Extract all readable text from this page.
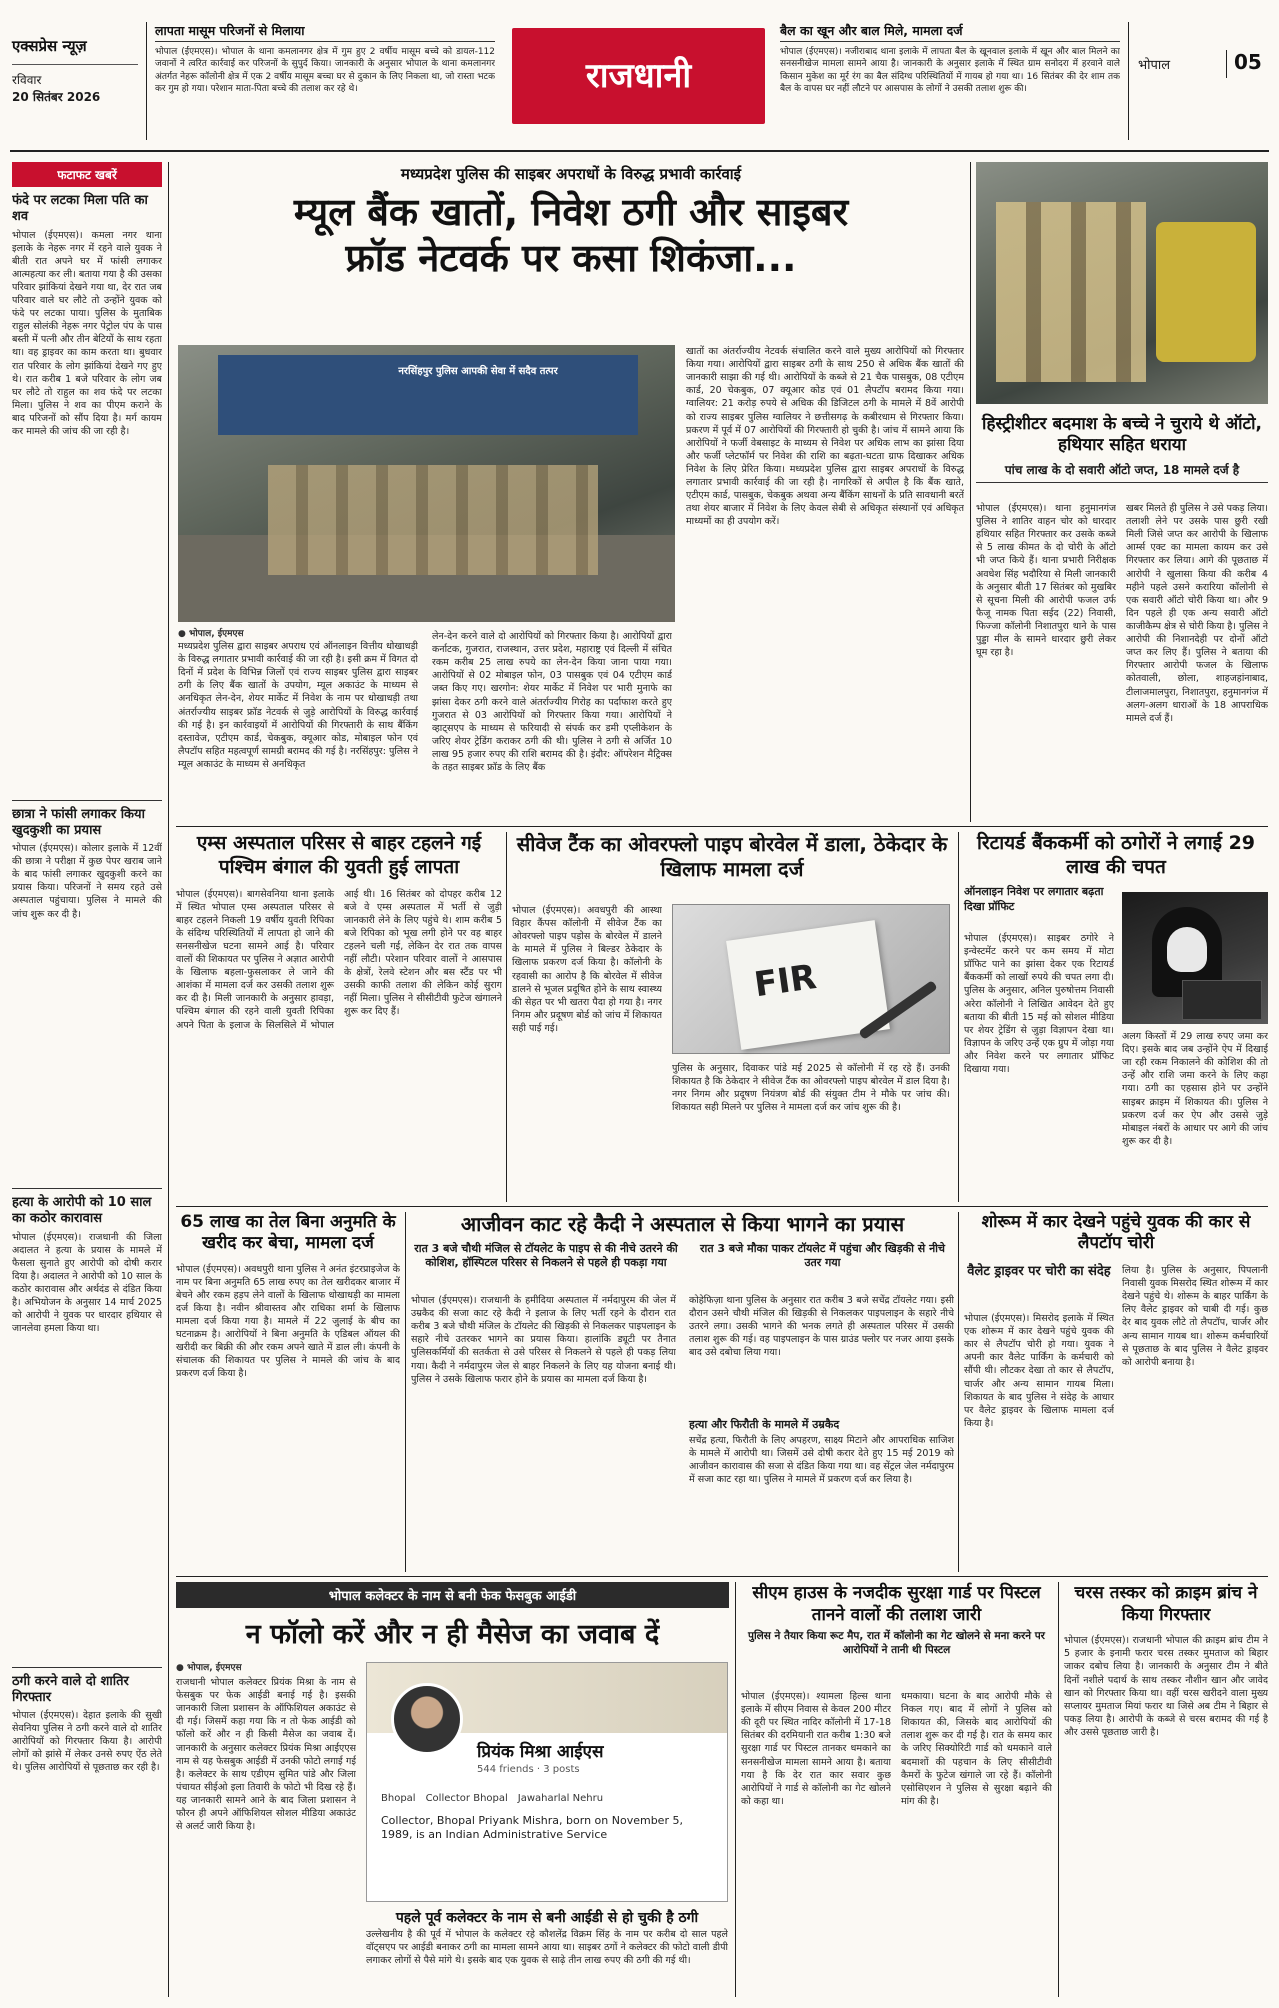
एक्सप्रेस न्यूज़
रविवार
20 सितंबर 2026
लापता मासूम परिजनों से मिलाया
भोपाल (ईएमएस)। भोपाल के थाना कमलानगर क्षेत्र में गुम हुए 2 वर्षीय मासूम बच्चे को डायल-112 जवानों ने त्वरित कार्रवाई कर परिजनों के सुपुर्द किया। जानकारी के अनुसार भोपाल के थाना कमलानगर अंतर्गत नेहरू कॉलोनी क्षेत्र में एक 2 वर्षीय मासूम बच्चा घर से दुकान के लिए निकला था, जो रास्ता भटक कर गुम हो गया। परेशान माता-पिता बच्चे की तलाश कर रहे थे।	राजधानी
बैल का खून और बाल मिले, मामला दर्ज
भोपाल (ईएमएस)। नजीराबाद थाना इलाके में लापता बैल के खूनवाल इलाके में खून और बाल मिलने का सनसनीखेज मामला सामने आया है। जानकारी के अनुसार इलाके में स्थित ग्राम सनोदरा में हरवाने वाले किसान मुकेश का मूर्र रंग का बैल संदिग्ध परिस्थितियों में गायब हो गया था। 16 सितंबर की देर शाम तक बैल के वापस घर नहीं लौटने पर आसपास के लोगों ने उसकी तलाश शुरू की।
भोपाल	05
फटाफट खबरें
फंदे पर लटका मिला पति का शव
भोपाल (ईएमएस)। कमला नगर थाना इलाके के नेहरू नगर में रहने वाले युवक ने बीती रात अपने घर में फांसी लगाकर आत्महत्या कर ली। बताया गया है की उसका परिवार झांकियां देखने गया था, देर रात जब परिवार वाले घर लौटे तो उन्होंने युवक को फंदे पर लटका पाया। पुलिस के मुताबिक राहुल सोलंकी नेहरू नगर पेट्रोल पंप के पास बस्ती में पत्नी और तीन बेटियों के साथ रहता था। वह ड्राइवर का काम करता था। बुधवार रात परिवार के लोग झांकियां देखने गए हुए थे। रात करीब 1 बजे परिवार के लोग जब घर लौटे तो राहुल का शव फंदे पर लटका मिला। पुलिस ने शव का पीएम कराने के बाद परिजनों को सौंप दिया है। मर्ग कायम कर मामले की जांच की जा रही है।
छात्रा ने फांसी लगाकर किया खुदकुशी का प्रयास
भोपाल (ईएमएस)। कोलार इलाके में 12वीं की छात्रा ने परीक्षा में कुछ पेपर खराब जाने के बाद फांसी लगाकर खुदकुशी करने का प्रयास किया। परिजनों ने समय रहते उसे अस्पताल पहुंचाया। पुलिस ने मामले की जांच शुरू कर दी है।
हत्या के आरोपी को 10 साल का कठोर कारावास
भोपाल (ईएमएस)। राजधानी की जिला अदालत ने हत्या के प्रयास के मामले में फैसला सुनाते हुए आरोपी को दोषी करार दिया है। अदालत ने आरोपी को 10 साल के कठोर कारावास और अर्थदंड से दंडित किया है। अभियोजन के अनुसार 14 मार्च 2025 को आरोपी ने युवक पर धारदार हथियार से जानलेवा हमला किया था।
ठगी करने वाले दो शातिर गिरफ्तार
भोपाल (ईएमएस)। देहात इलाके की सुखी सेवनिया पुलिस ने ठगी करने वाले दो शातिर आरोपियों को गिरफ्तार किया है। आरोपी लोगों को झांसे में लेकर उनसे रुपए ऐंठ लेते थे। पुलिस आरोपियों से पूछताछ कर रही है।
मध्यप्रदेश पुलिस की साइबर अपराधों के विरुद्ध प्रभावी कार्रवाई
म्यूल बैंक खातों, निवेश ठगी और साइबर
फ्रॉड नेटवर्क पर कसा शिकंजा...
नरसिंहपुर पुलिस आपकी सेवा में सदैव तत्पर
● भोपाल, ईएमएस
मध्यप्रदेश पुलिस द्वारा साइबर अपराध एवं ऑनलाइन वित्तीय धोखाधड़ी के विरुद्ध लगातार प्रभावी कार्रवाई की जा रही है। इसी क्रम में विगत दो दिनों में प्रदेश के विभिन्न जिलों एवं राज्य साइबर पुलिस द्वारा साइबर ठगी के लिए बैंक खातों के उपयोग, म्यूल अकाउंट के माध्यम से अनधिकृत लेन-देन, शेयर मार्केट में निवेश के नाम पर धोखाधड़ी तथा अंतर्राज्यीय साइबर फ्रॉड नेटवर्क से जुड़े आरोपियों के विरुद्ध कार्रवाई की गई है। इन कार्रवाइयों में आरोपियों की गिरफ्तारी के साथ बैंकिंग दस्तावेज, एटीएम कार्ड, चेकबुक, क्यूआर कोड, मोबाइल फोन एवं लैपटॉप सहित महत्वपूर्ण सामग्री बरामद की गई है। नरसिंहपुर: पुलिस ने म्यूल अकाउंट के माध्यम से अनधिकृत
लेन-देन करने वाले दो आरोपियों को गिरफ्तार किया है। आरोपियों द्वारा कर्नाटक, गुजरात, राजस्थान, उत्तर प्रदेश, महाराष्ट्र एवं दिल्ली में संचित रकम करीब 25 लाख रुपये का लेन-देन किया जाना पाया गया। आरोपियों से 02 मोबाइल फोन, 03 पासबुक एवं 04 एटीएम कार्ड जब्त किए गए। खरगोन: शेयर मार्केट में निवेश पर भारी मुनाफे का झांसा देकर ठगी करने वाले अंतर्राज्यीय गिरोह का पर्दाफाश करते हुए गुजरात से 03 आरोपियों को गिरफ्तार किया गया। आरोपियों ने व्हाट्सएप के माध्यम से फरियादी से संपर्क कर डमी एप्लीकेशन के जरिए शेयर ट्रेडिंग कराकर ठगी की थी। पुलिस ने ठगी से अर्जित 10 लाख 95 हजार रुपए की राशि बरामद की है। इंदौर: ऑपरेशन मैट्रिक्स के तहत साइबर फ्रॉड के लिए बैंक
खातों का अंतर्राज्यीय नेटवर्क संचालित करने वाले मुख्य आरोपियों को गिरफ्तार किया गया। आरोपियों द्वारा साइबर ठगी के साथ 250 से अधिक बैंक खातों की जानकारी साझा की गई थी। आरोपियों के कब्जे से 21 चैक पासबुक, 08 एटीएम कार्ड, 20 चेकबुक, 07 क्यूआर कोड एवं 01 लैपटॉप बरामद किया गया। ग्वालियर: 21 करोड़ रुपये से अधिक की डिजिटल ठगी के मामले में 8वें आरोपी को राज्य साइबर पुलिस ग्वालियर ने छत्तीसगढ़ के कबीरधाम से गिरफ्तार किया। प्रकरण में पूर्व में 07 आरोपियों की गिरफ्तारी हो चुकी है। जांच में सामने आया कि आरोपियों ने फर्जी वेबसाइट के माध्यम से निवेश पर अधिक लाभ का झांसा दिया और फर्जी प्लेटफॉर्म पर निवेश की राशि का बढ़ता-घटता ग्राफ दिखाकर अधिक निवेश के लिए प्रेरित किया। मध्यप्रदेश पुलिस द्वारा साइबर अपराधों के विरुद्ध लगातार प्रभावी कार्रवाई की जा रही है। नागरिकों से अपील है कि बैंक खाते, एटीएम कार्ड, पासबुक, चेकबुक अथवा अन्य बैंकिंग साधनों के प्रति सावधानी बरतें तथा शेयर बाजार में निवेश के लिए केवल सेबी से अधिकृत संस्थानों एवं अधिकृत माध्यमों का ही उपयोग करें।
हिस्ट्रीशीटर बदमाश के बच्चे ने चुराये थे ऑटो, हथियार सहित धराया
पांच लाख के दो सवारी ऑटो जप्त, 18 मामले दर्ज है
भोपाल (ईएमएस)। थाना हनुमानगंज पुलिस ने शातिर वाहन चोर को धारदार हथियार सहित गिरफ्तार कर उसके कब्जे से 5 लाख कीमत के दो चोरी के ऑटो भी जप्त किये हैं। थाना प्रभारी निरीक्षक अवधेश सिंह भदौरिया से मिली जानकारी के अनुसार बीती 17 सितंबर को मुखबिर से सूचना मिली की आरोपी फजल उर्फ फैजू नामक पिता सईद (22) निवासी, फिज्जा कॉलोनी निशातपुरा थाने के पास पुड्डा मील के सामने धारदार छुरी लेकर घूम रहा है।
खबर मिलते ही पुलिस ने उसे पकड़ लिया। तलाशी लेने पर उसके पास छुरी रखी मिली जिसे जप्त कर आरोपी के खिलाफ आर्म्स एक्ट का मामला कायम कर उसे गिरफ्तार कर लिया। आगे की पूछताछ में आरोपी ने खुलासा किया की करीब 4 महीने पहले उसने करारिया कॉलोनी से एक सवारी ऑटो चोरी किया था। और 9 दिन पहले ही एक अन्य सवारी ऑटो काजीकैम्प क्षेत्र से चोरी किया है। पुलिस ने आरोपी की निशानदेही पर दोनों ऑटो जप्त कर लिए हैं। पुलिस ने बताया की गिरफ्तार आरोपी फजल के खिलाफ कोतवाली, छोला, शाहजहांनाबाद, टीलाजमालपुरा, निशातपुरा, हनुमानगंज में अलग-अलग धाराओं के 18 आपराधिक मामले दर्ज हैं।
एम्स अस्पताल परिसर से बाहर टहलने गई पश्चिम बंगाल की युवती हुई लापता
भोपाल (ईएमएस)। बागसेवनिया थाना इलाके में स्थित भोपाल एम्स अस्पताल परिसर से बाहर टहलने निकली 19 वर्षीय युवती रिपिका के संदिग्ध परिस्थितियों में लापता हो जाने की सनसनीखेज घटना सामने आई है। परिवार वालों की शिकायत पर पुलिस ने अज्ञात आरोपी के खिलाफ बहला-फुसलाकर ले जाने की आशंका में मामला दर्ज कर उसकी तलाश शुरू कर दी है। मिली जानकारी के अनुसार हावड़ा, पश्चिम बंगाल की रहने वाली युवती रिपिका अपने पिता के इलाज के सिलसिले में भोपाल आई थी। 16 सितंबर को दोपहर करीब 12 बजे वे एम्स अस्पताल में भर्ती से जुड़ी जानकारी लेने के लिए पहुंचे थे। शाम करीब 5 बजे रिपिका को भूख लगी होने पर वह बाहर टहलने चली गई, लेकिन देर रात तक वापस नहीं लौटी। परेशान परिवार वालों ने आसपास के क्षेत्रों, रेलवे स्टेशन और बस स्टैंड पर भी उसकी काफी तलाश की लेकिन कोई सुराग नहीं मिला। पुलिस ने सीसीटीवी फुटेज खंगालने शुरू कर दिए हैं।
सीवेज टैंक का ओवरफ्लो पाइप बोरवेल में डाला, ठेकेदार के खिलाफ मामला दर्ज
भोपाल (ईएमएस)। अवधपुरी की आस्था विहार कैंपस कॉलोनी में सीवेज टैंक का ओवरफ्लो पाइप पड़ोस के बोरवेल में डालने के मामले में पुलिस ने बिल्डर ठेकेदार के खिलाफ प्रकरण दर्ज किया है। कॉलोनी के रहवासी का आरोप है कि बोरवेल में सीवेज डालने से भूजल प्रदूषित होने के साथ स्वास्थ्य की सेहत पर भी खतरा पैदा हो गया है। नगर निगम और प्रदूषण बोर्ड को जांच में शिकायत सही पाई गई।
FIR
पुलिस के अनुसार, दिवाकर पांडे मई 2025 से कॉलोनी में रह रहे हैं। उनकी शिकायत है कि ठेकेदार ने सीवेज टैंक का ओवरफ्लो पाइप बोरवेल में डाल दिया है। नगर निगम और प्रदूषण नियंत्रण बोर्ड की संयुक्त टीम ने मौके पर जांच की। शिकायत सही मिलने पर पुलिस ने मामला दर्ज कर जांच शुरू की है।
रिटायर्ड बैंककर्मी को ठगोरों ने लगाई 29 लाख की चपत
ऑनलाइन निवेश पर लगातार बढ़ता दिखा प्रॉफिट
भोपाल (ईएमएस)। साइबर ठगोरे ने इन्वेस्टमेंट करने पर कम समय में मोटा प्रॉफिट पाने का झांसा देकर एक रिटायर्ड बैंककर्मी को लाखों रुपये की चपत लगा दी। पुलिस के अनुसार, अनिल पुरुषोत्तम निवासी अरेरा कॉलोनी ने लिखित आवेदन देते हुए बताया की बीती 15 मई को सोशल मीडिया पर शेयर ट्रेडिंग से जुड़ा विज्ञापन देखा था। विज्ञापन के जरिए उन्हें एक ग्रुप में जोड़ा गया और निवेश करने पर लगातार प्रॉफिट दिखाया गया।
अलग किस्तों में 29 लाख रुपए जमा कर दिए। इसके बाद जब उन्होंने ऐप में दिखाई जा रही रकम निकालने की कोशिश की तो उन्हें और राशि जमा करने के लिए कहा गया। ठगी का एहसास होने पर उन्होंने साइबर क्राइम में शिकायत की। पुलिस ने प्रकरण दर्ज कर ऐप और उससे जुड़े मोबाइल नंबरों के आधार पर आगे की जांच शुरू कर दी है।
65 लाख का तेल बिना अनुमति के खरीद कर बेचा, मामला दर्ज
भोपाल (ईएमएस)। अवधपुरी थाना पुलिस ने अनंत इंटरप्राइजेज के नाम पर बिना अनुमति 65 लाख रुपए का तेल खरीदकर बाजार में बेचने और रकम हड़प लेने वालों के खिलाफ धोखाधड़ी का मामला दर्ज किया है। नवीन श्रीवास्तव और राधिका शर्मा के खिलाफ मामला दर्ज किया गया है। मामले में 22 जुलाई के बीच का घटनाक्रम है। आरोपियों ने बिना अनुमति के एडिबल ऑयल की खरीदी कर बिक्री की और रकम अपने खाते में डाल ली। कंपनी के संचालक की शिकायत पर पुलिस ने मामले की जांच के बाद प्रकरण दर्ज किया है।
आजीवन काट रहे कैदी ने अस्पताल से किया भागने का प्रयास
रात 3 बजे चौथी मंजिल से टॉयलेट के पाइप से की नीचे उतरने की कोशिश, हॉस्पिटल परिसर से निकलने से पहले ही पकड़ा गया
रात 3 बजे मौका पाकर टॉयलेट में पहुंचा और खिड़की से नीचे उतर गया
भोपाल (ईएमएस)। राजधानी के हमीदिया अस्पताल में नर्मदापुरम की जेल में उम्रकैद की सजा काट रहे कैदी ने इलाज के लिए भर्ती रहने के दौरान रात करीब 3 बजे चौथी मंजिल के टॉयलेट की खिड़की से निकलकर पाइपलाइन के सहारे नीचे उतरकर भागने का प्रयास किया। हालांकि ड्यूटी पर तैनात पुलिसकर्मियों की सतर्कता से उसे परिसर से निकलने से पहले ही पकड़ लिया गया। कैदी ने नर्मदापुरम जेल से बाहर निकलने के लिए यह योजना बनाई थी। पुलिस ने उसके खिलाफ फरार होने के प्रयास का मामला दर्ज किया है।
कोहेफिज़ा थाना पुलिस के अनुसार रात करीब 3 बजे सचेंद्र टॉयलेट गया। इसी दौरान उसने चौथी मंजिल की खिड़की से निकलकर पाइपलाइन के सहारे नीचे उतरने लगा। उसकी भागने की भनक लगते ही अस्पताल परिसर में उसकी तलाश शुरू की गई। वह पाइपलाइन के पास ग्राउंड फ्लोर पर नजर आया इसके बाद उसे दबोचा लिया गया।
हत्या और फिरौती के मामले में उम्रकैद
सचेंद्र हत्या, फिरौती के लिए अपहरण, साक्ष्य मिटाने और आपराधिक साजिश के मामले में आरोपी था। जिसमें उसे दोषी करार देते हुए 15 मई 2019 को आजीवन कारावास की सजा से दंडित किया गया था। वह सेंट्रल जेल नर्मदापुरम में सजा काट रहा था। पुलिस ने मामले में प्रकरण दर्ज कर लिया है।
शोरूम में कार देखने पहुंचे युवक की कार से लैपटॉप चोरी
वैलेट ड्राइवर पर चोरी का संदेह
भोपाल (ईएमएस)। मिसरोद इलाके में स्थित एक शोरूम में कार देखने पहुंचे युवक की कार से लैपटॉप चोरी हो गया। युवक ने अपनी कार वैलेट पार्किंग के कर्मचारी को सौंपी थी। लौटकर देखा तो कार से लैपटॉप, चार्जर और अन्य सामान गायब मिला। शिकायत के बाद पुलिस ने संदेह के आधार पर वैलेट ड्राइवर के खिलाफ मामला दर्ज किया है।
लिया है। पुलिस के अनुसार, पिपलानी निवासी युवक मिसरोद स्थित शोरूम में कार देखने पहुंचे थे। शोरूम के बाहर पार्किंग के लिए वैलेट ड्राइवर को चाबी दी गई। कुछ देर बाद युवक लौटे तो लैपटॉप, चार्जर और अन्य सामान गायब था। शोरूम कर्मचारियों से पूछताछ के बाद पुलिस ने वैलेट ड्राइवर को आरोपी बनाया है।
भोपाल कलेक्टर के नाम से बनी फेक फेसबुक आईडी
न फॉलो करें और न ही मैसेज का जवाब दें
● भोपाल, ईएमएस
राजधानी भोपाल कलेक्टर प्रियंक मिश्रा के नाम से फेसबुक पर फेक आईडी बनाई गई है। इसकी जानकारी जिला प्रशासन के ऑफिशियल अकाउंट से दी गई। जिसमें कहा गया कि न तो फेक आईडी को फॉलो करें और न ही किसी मैसेज का जवाब दें। जानकारी के अनुसार कलेक्टर प्रियंक मिश्रा आईएएस नाम से यह फेसबुक आईडी में उनकी फोटो लगाई गई है। कलेक्टर के साथ एडीएम सुमित पांडे और जिला पंचायत सीईओ इला तिवारी के फोटो भी दिख रहे हैं। यह जानकारी सामने आने के बाद जिला प्रशासन ने फौरन ही अपने ऑफिशियल सोशल मीडिया अकाउंट से अलर्ट जारी किया है।
प्रियंक मिश्रा आईएस
544 friends · 3 posts
Bhopal Collector Bhopal Jawaharlal Nehru
Collector, Bhopal Priyank Mishra, born on November 5, 1989, is an Indian Administrative Service
पहले पूर्व कलेक्टर के नाम से बनी आईडी से हो चुकी है ठगी
उल्लेखनीय है की पूर्व में भोपाल के कलेक्टर रहे कौशलेंद्र विक्रम सिंह के नाम पर करीब दो साल पहले वॉट्सएप पर आईडी बनाकर ठगी का मामला सामने आया था। साइबर ठगों ने कलेक्टर की फोटो वाली डीपी लगाकर लोगों से पैसे मांगे थे। इसके बाद एक युवक से साढ़े तीन लाख रुपए की ठगी की गई थी।
सीएम हाउस के नजदीक सुरक्षा गार्ड पर पिस्टल तानने वालों की तलाश जारी
पुलिस ने तैयार किया रूट मैप, रात में कॉलोनी का गेट खोलने से मना करने पर आरोपियों ने तानी थी पिस्टल
भोपाल (ईएमएस)। श्यामला हिल्स थाना इलाके में सीएम निवास से केवल 200 मीटर की दूरी पर स्थित नादिर कॉलोनी में 17-18 सितंबर की दरमियानी रात करीब 1:30 बजे सुरक्षा गार्ड पर पिस्टल तानकर धमकाने का सनसनीखेज मामला सामने आया है। बताया गया है कि देर रात कार सवार कुछ आरोपियों ने गार्ड से कॉलोनी का गेट खोलने को कहा था।
धमकाया। घटना के बाद आरोपी मौके से निकल गए। बाद में लोगों ने पुलिस को शिकायत की, जिसके बाद आरोपियों की तलाश शुरू कर दी गई है। रात के समय कार के जरिए सिक्योरिटी गार्ड को धमकाने वाले बदमाशों की पहचान के लिए सीसीटीवी कैमरों के फुटेज खंगाले जा रहे हैं। कॉलोनी एसोसिएशन ने पुलिस से सुरक्षा बढ़ाने की मांग की है।
चरस तस्कर को क्राइम ब्रांच ने किया गिरफ्तार
भोपाल (ईएमएस)। राजधानी भोपाल की क्राइम ब्रांच टीम ने 5 हजार के इनामी फरार चरस तस्कर मुमताज को बिहार जाकर दबोच लिया है। जानकारी के अनुसार टीम ने बीते दिनों नशीले पदार्थ के साथ तस्कर नौशीन खान और जावेद खान को गिरफ्तार किया था। वहीं चरस खरीदने वाला मुख्य सप्लायर मुमताज मियां फरार था जिसे अब टीम ने बिहार से पकड़ लिया है। आरोपी के कब्जे से चरस बरामद की गई है और उससे पूछताछ जारी है।
